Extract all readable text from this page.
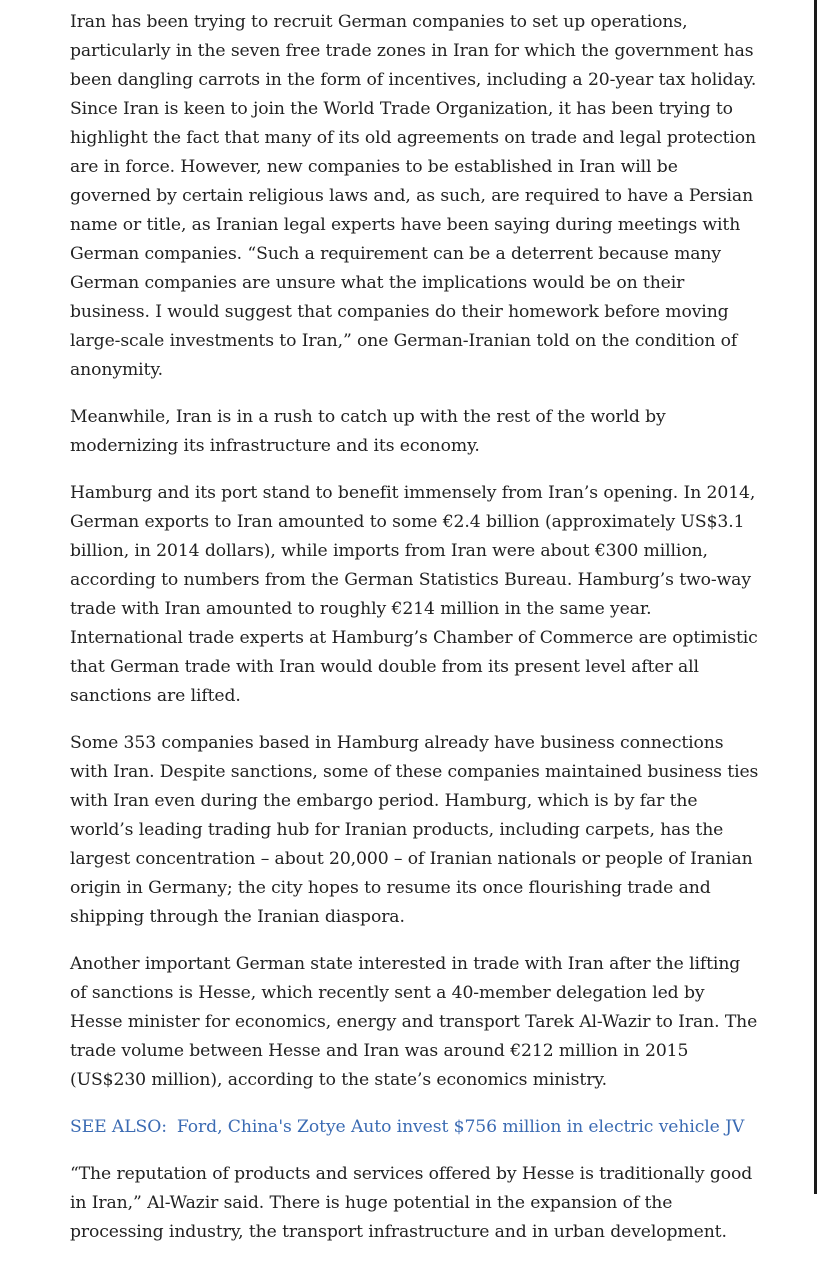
Iran has been trying to recruit German companies to set up operations, particularly in the seven free trade zones in Iran for which the government has been dangling carrots in the form of incentives, including a 20-year tax holiday. Since Iran is keen to join the World Trade Organization, it has been trying to highlight the fact that many of its old agreements on trade and legal protection are in force. However, new companies to be established in Iran will be governed by certain religious laws and, as such, are required to have a Persian name or title, as Iranian legal experts have been saying during meetings with German companies. “Such a requirement can be a deterrent because many German companies are unsure what the implications would be on their business. I would suggest that companies do their homework before moving large-scale investments to Iran,” one German-Iranian told on the condition of anonymity.

Meanwhile, Iran is in a rush to catch up with the rest of the world by modernizing its infrastructure and its economy.

Hamburg and its port stand to benefit immensely from Iran’s opening. In 2014, German exports to Iran amounted to some €2.4 billion (approximately US$3.1 billion, in 2014 dollars), while imports from Iran were about €300 million, according to numbers from the German Statistics Bureau. Hamburg’s two-way trade with Iran amounted to roughly €214 million in the same year. International trade experts at Hamburg’s Chamber of Commerce are optimistic that German trade with Iran would double from its present level after all sanctions are lifted.

Some 353 companies based in Hamburg already have business connections with Iran. Despite sanctions, some of these companies maintained business ties with Iran even during the embargo period. Hamburg, which is by far the world’s leading trading hub for Iranian products, including carpets, has the largest concentration – about 20,000 – of Iranian nationals or people of Iranian origin in Germany; the city hopes to resume its once flourishing trade and shipping through the Iranian diaspora.

Another important German state interested in trade with Iran after the lifting of sanctions is Hesse, which recently sent a 40-member delegation led by Hesse minister for economics, energy and transport Tarek Al-Wazir to Iran. The trade volume between Hesse and Iran was around €212 million in 2015 (US$230 million), according to the state’s economics ministry.

SEE ALSO: Ford, China's Zotye Auto invest $756 million in electric vehicle JV

“The reputation of products and services offered by Hesse is traditionally good in Iran,” Al-Wazir said. There is huge potential in the expansion of the processing industry, the transport infrastructure and in urban development.
